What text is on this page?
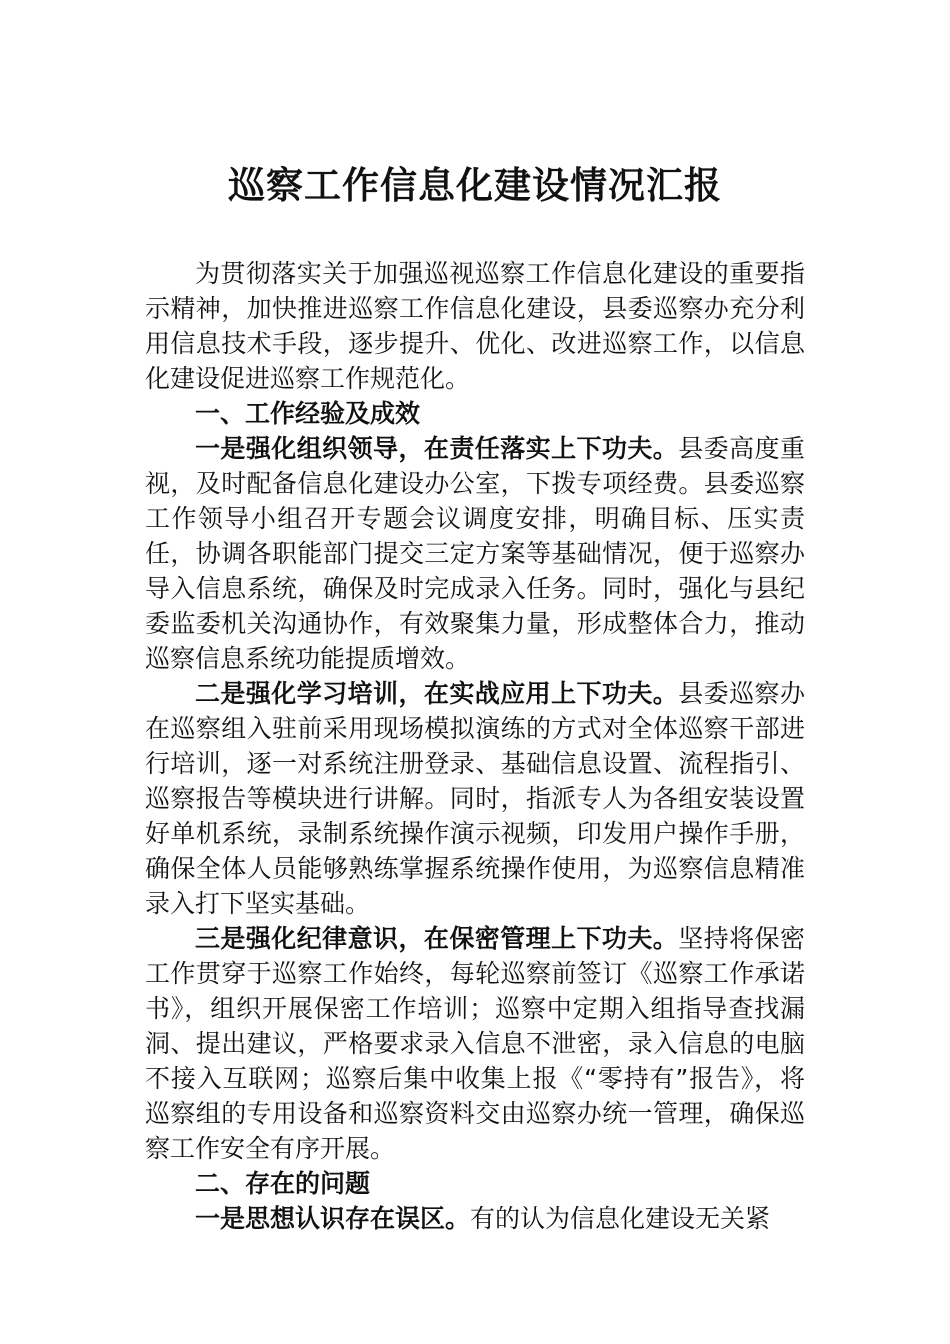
巡察工作信息化建设情况汇报

为贯彻落实关于加强巡视巡察工作信息化建设的重要指示精神，加快推进巡察工作信息化建设，县委巡察办充分利用信息技术手段，逐步提升、优化、改进巡察工作，以信息化建设促进巡察工作规范化。

一、工作经验及成效

一是强化组织领导，在责任落实上下功夫。县委高度重视，及时配备信息化建设办公室，下拨专项经费。县委巡察工作领导小组召开专题会议调度安排，明确目标、压实责任，协调各职能部门提交三定方案等基础情况，便于巡察办导入信息系统，确保及时完成录入任务。同时，强化与县纪委监委机关沟通协作，有效聚集力量，形成整体合力，推动巡察信息系统功能提质增效。

二是强化学习培训，在实战应用上下功夫。县委巡察办在巡察组入驻前采用现场模拟演练的方式对全体巡察干部进行培训，逐一对系统注册登录、基础信息设置、流程指引、巡察报告等模块进行讲解。同时，指派专人为各组安装设置好单机系统，录制系统操作演示视频，印发用户操作手册，确保全体人员能够熟练掌握系统操作使用，为巡察信息精准录入打下坚实基础。

三是强化纪律意识，在保密管理上下功夫。坚持将保密工作贯穿于巡察工作始终，每轮巡察前签订《巡察工作承诺书》，组织开展保密工作培训；巡察中定期入组指导查找漏洞、提出建议，严格要求录入信息不泄密，录入信息的电脑不接入互联网；巡察后集中收集上报《“零持有”报告》，将巡察组的专用设备和巡察资料交由巡察办统一管理，确保巡察工作安全有序开展。

二、存在的问题

一是思想认识存在误区。有的认为信息化建设无关紧
